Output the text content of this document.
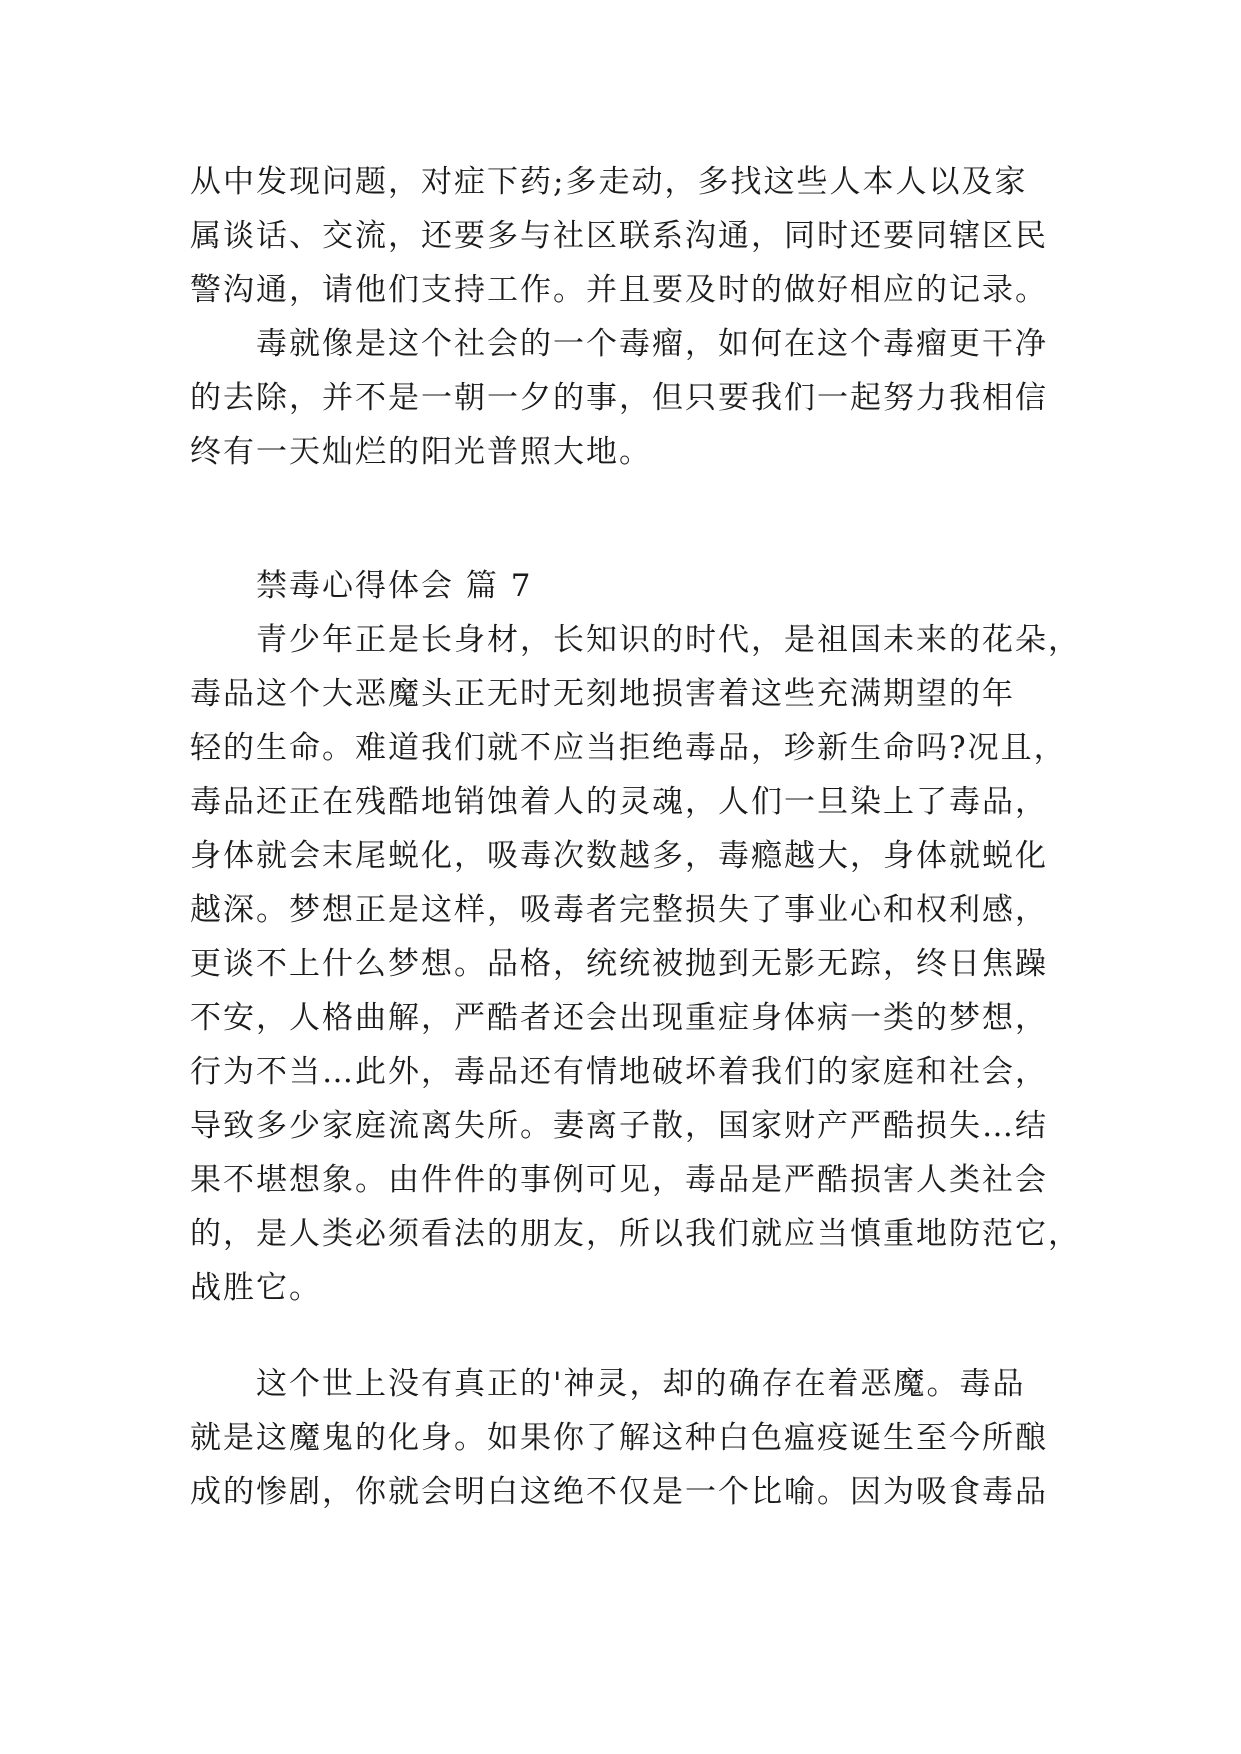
从中发现问题，对症下药;多走动，多找这些人本人以及家
属谈话、交流，还要多与社区联系沟通，同时还要同辖区民
警沟通，请他们支持工作。并且要及时的做好相应的记录。
毒就像是这个社会的一个毒瘤，如何在这个毒瘤更干净
的去除，并不是一朝一夕的事，但只要我们一起努力我相信
终有一天灿烂的阳光普照大地。
禁毒心得体会 篇 7
青少年正是长身材，长知识的时代，是祖国未来的花朵，
毒品这个大恶魔头正无时无刻地损害着这些充满期望的年
轻的生命。难道我们就不应当拒绝毒品，珍新生命吗?况且，
毒品还正在残酷地销蚀着人的灵魂，人们一旦染上了毒品，
身体就会末尾蜕化，吸毒次数越多，毒瘾越大，身体就蜕化
越深。梦想正是这样，吸毒者完整损失了事业心和权利感，
更谈不上什么梦想。品格，统统被抛到无影无踪，终日焦躁
不安，人格曲解，严酷者还会出现重症身体病一类的梦想，
行为不当…此外，毒品还有情地破坏着我们的家庭和社会，
导致多少家庭流离失所。妻离子散，国家财产严酷损失…结
果不堪想象。由件件的事例可见，毒品是严酷损害人类社会
的，是人类必须看法的朋友，所以我们就应当慎重地防范它，
战胜它。
这个世上没有真正的'神灵，却的确存在着恶魔。毒品
就是这魔鬼的化身。如果你了解这种白色瘟疫诞生至今所酿
成的惨剧，你就会明白这绝不仅是一个比喻。因为吸食毒品
